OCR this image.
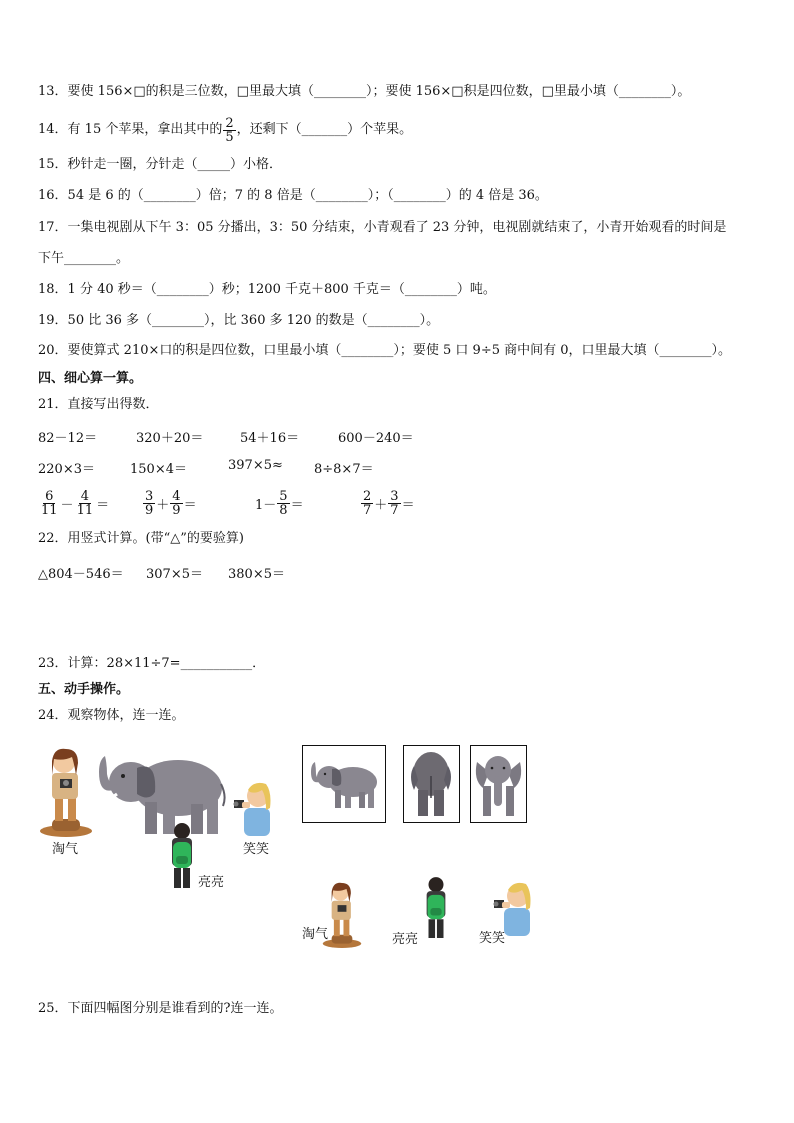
13．要使 156×□的积是三位数，□里最大填（________）；要使 156×□积是四位数，□里最小填（________）。
14．有 15 个苹果，拿出其中的 $\frac{2}{5}$ ，还剩下（_______）个苹果。
15．秒针走一圈，分针走（_____）小格．
16．54 是 6 的（________）倍；7 的 8 倍是（________）；（________）的 4 倍是 36。
17．一集电视剧从下午 3：05 分播出，3：50 分结束，小青观看了 23 分钟，电视剧就结束了，小青开始观看的时间是
下午________。
18．1 分 40 秒＝（________）秒；1200 千克＋800 千克＝（________）吨。
19．50 比 36 多（________），比 360 多 120 的数是（________）。
20．要使算式 210×口的积是四位数，口里最小填（________）；要使 5 口 9÷5 商中间有 0，口里最大填（________）。
四、细心算一算。
21．直接写出得数．
82－12＝	320＋20＝	54＋16＝	600－240＝
220×3＝	150×4＝	397×5≈ 8÷8×7＝
$\frac{6}{11} - \frac{4}{11}$ ＝	$\frac{3}{9} + \frac{4}{9}$ ＝	$1- \frac{5}{8}$ ＝	$\frac{2}{7} + \frac{3}{7}$ ＝
22．用竖式计算。(带“△”的要验算)
△804－546＝ 307×5＝ 380×5＝
23．计算：28×11÷7=___________．
五、动手操作。
24．观察物体，连一连。
淘气
亮亮
笑笑
淘气	亮亮	笑笑
25．下面四幅图分别是谁看到的?连一连。
